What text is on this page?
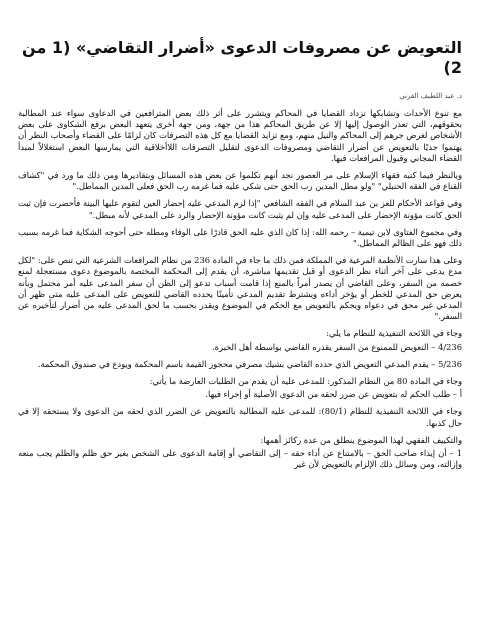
التعويض عن مصروفات الدعوى «أضرار التقاضي» (1 من 2)
د. عبد اللطيف القرني

مع تنوع الأحداث وتشابكها تزداد القضايا في المحاكم ويتشرر على أثر ذلك بعض المترافعين في الدعاوى سواء عند المطالبة بحقوقهم، التي تعذر الوصول إليها إلا عن طريق المحاكم هذا من جهة، ومن جهة أخرى يتعهد البعض برفع الشكاوى على بعض الأشخاص لغرض جرهم إلى المحاكم والنيل منهم، ومع تزايد القضايا مع كل هذه التصرفات كان لزامًا على القضاء وأصحاب النظر أن يهتموا جديًا بالتعويض عن أضرار التقاضي ومصروفات الدعوى لتقليل التصرفات اللاأخلاقية التي يمارسها البعض استغلالاً لمبدأ القضاء المجاني وقبول المرافعات فيها.

وبالنظر فيما كتبه فقهاء الإسلام على مر العصور نجد أنهم تكلموا عن بعض هذه المسائل وبتقاديرها ومن ذلك ما ورد في "كشاف القناع في الفقه الحنبلي" "ولو مطل المدين رب الحق حتى شكي عليه فما غرمه رب الحق فعلى المدين المماطل."

وفي قواعد الأحكام للعز بن عبد السلام في الفقه الشافعي "إذا لزم المدعي عليه إحضار العين لتقوم عليها البينة فأحضرت فإن ثبت الحق كانت مؤونة الإحضار على المدعى عليه وإن لم يثبت كانت مؤونة الإحضار والرد على المدعي لأنه مبطل."

وفي مجموع الفتاوى لابن تيمية – رحمه الله: إذا كان الذي عليه الحق قادرًا على الوفاء ومطله حتى أحوجه الشكاية فما غرمه بسبب ذلك فهو على الظالم المماطل."

وعلى هذا سارت الأنظمة المرعية في المملكة فمن ذلك ما جاء في المادة 236 من نظام المرافعات الشرعية التي تنص على: "لكل مدع يدعى على آخر أثناء نظر الدعوى أو قبل تقديمها مباشرة، أن يقدم إلى المحكمة المختصة بالموضوع دعوى مستعجلة لمنع خصمه من السفر، وعلى القاضي أن يصدر أمراً بالمنع إذا قامت أسباب تدعو إلى الظن أن سفر المدعى عليه أمر محتمل وبأنه يعرض حق المدعي للخطر أو يؤخر أداءه ويشترط تقديم المدعي تأمينًا يحدده القاضي للتعويض على المدعى عليه متى ظهر أن المدعي غير محق في دعواه ويحكم بالتعويض مع الحكم في الموضوع ويقدر بحسب ما لحق المدعى عليه من أضرار لتأخيره عن السفر."

وجاء في اللائحة التنفيذية للنظام ما يلي:

4/236 – التعويض للممنوع من السفر يقدره القاضي بواسطة أهل الخبرة.

5/236 – يقدم المدعي التعويض الذي حدده القاضي بشيك مصرفي محجوز القيمة باسم المحكمة ويودع في صندوق المحكمة.

وجاء في المادة 80 من النظام المذكور: للمدعى عليه أن يقدم من الطلبات العارضة ما يأتي:

أ – طلب الحكم له بتعويض عن ضرر لحقه من الدعوى الأصلية أو إجراء فيها.

وجاء في اللائحة التنفيذية للنظام (80/1): للمدعى عليه المطالبة بالتعويض عن الضرر الذي لحقه من الدعوى ولا يستحقه إلا في حال كذبها.

والتكييف الفقهي لهذا الموضوع ينطلق من عدة ركائز أهمها:

1 – أن إيذاء صاحب الحق – بالامتناع عن أداء حقه – إلى التقاضي أو إقامة الدعوى على الشخص بغير حق ظلم والظلم يجب منعه وإزالته، ومن وسائل ذلك الإلزام بالتعويض لأن غير
